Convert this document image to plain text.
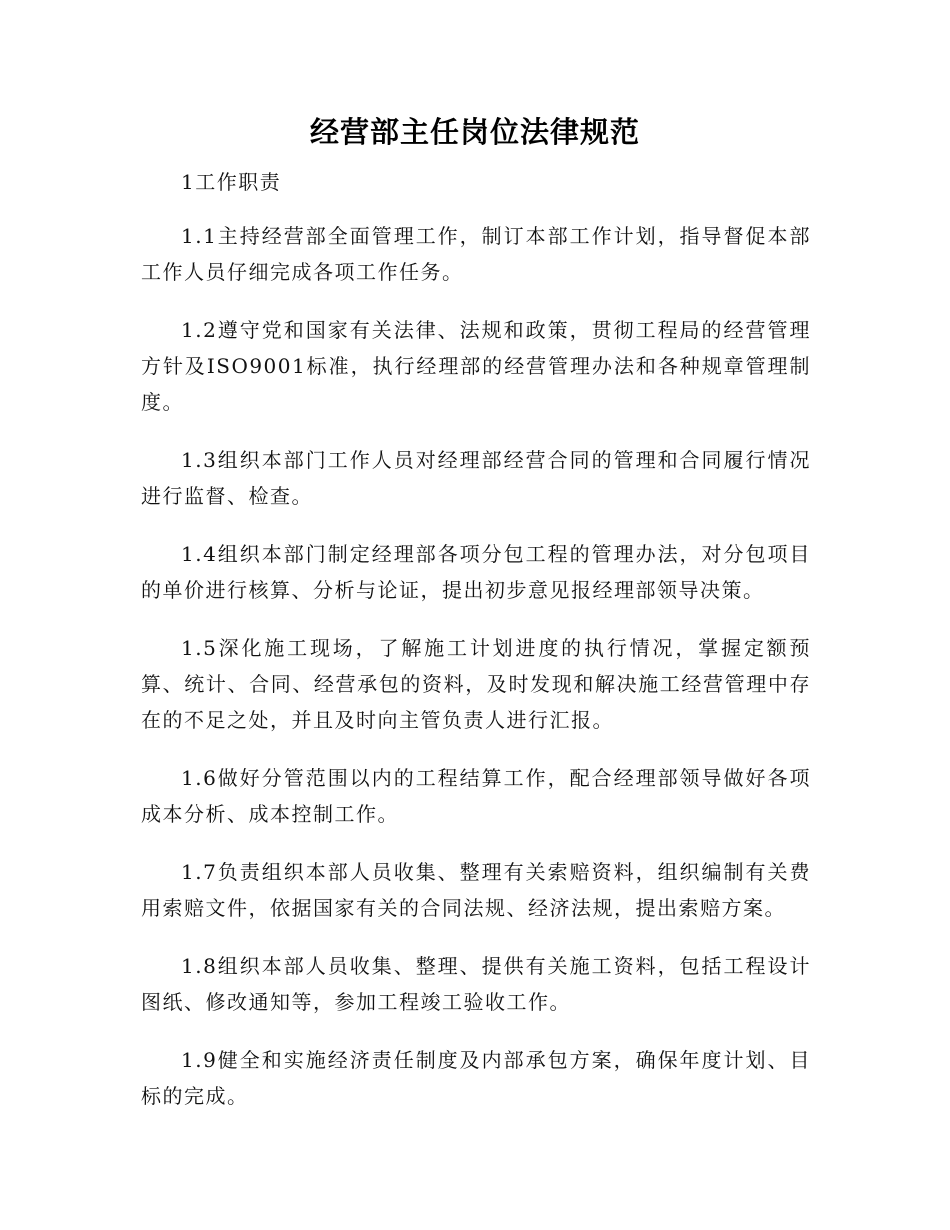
经营部主任岗位法律规范

1工作职责

1.1主持经营部全面管理工作，制订本部工作计划，指导督促本部工作人员仔细完成各项工作任务。

1.2遵守党和国家有关法律、法规和政策，贯彻工程局的经营管理方针及ISO9001标准，执行经理部的经营管理办法和各种规章管理制度。

1.3组织本部门工作人员对经理部经营合同的管理和合同履行情况进行监督、检查。

1.4组织本部门制定经理部各项分包工程的管理办法，对分包项目的单价进行核算、分析与论证，提出初步意见报经理部领导决策。

1.5深化施工现场，了解施工计划进度的执行情况，掌握定额预算、统计、合同、经营承包的资料，及时发现和解决施工经营管理中存在的不足之处，并且及时向主管负责人进行汇报。

1.6做好分管范围以内的工程结算工作，配合经理部领导做好各项成本分析、成本控制工作。

1.7负责组织本部人员收集、整理有关索赔资料，组织编制有关费用索赔文件，依据国家有关的合同法规、经济法规，提出索赔方案。

1.8组织本部人员收集、整理、提供有关施工资料，包括工程设计图纸、修改通知等，参加工程竣工验收工作。

1.9健全和实施经济责任制度及内部承包方案，确保年度计划、目标的完成。
